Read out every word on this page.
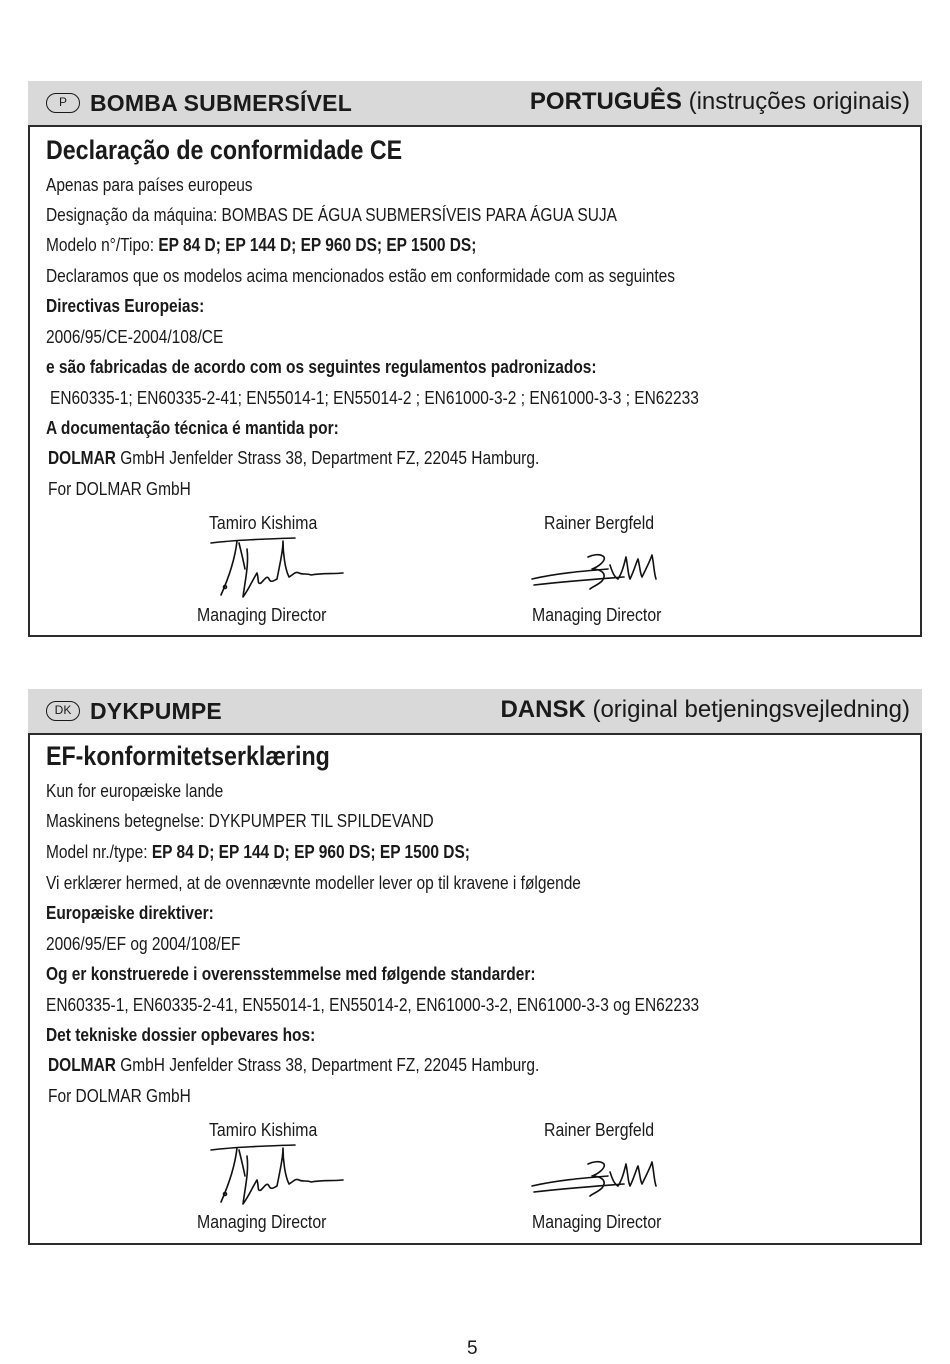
P	BOMBA SUBMERSÍVEL	PORTUGUÊS (instruções originais)
Declaração de conformidade CE
Apenas para países europeus
Designação da máquina: BOMBAS DE ÁGUA SUBMERSÍVEIS PARA ÁGUA SUJA
Modelo n°/Tipo: EP 84 D; EP 144 D; EP 960 DS; EP 1500 DS;
Declaramos que os modelos acima mencionados estão em conformidade com as seguintes
Directivas Europeias:
2006/95/CE-2004/108/CE
e são fabricadas de acordo com os seguintes regulamentos padronizados:
EN60335-1; EN60335-2-41; EN55014-1; EN55014-2 ; EN61000-3-2 ; EN61000-3-3 ; EN62233
A documentação técnica é mantida por:
DOLMAR GmbH Jenfelder Strass 38, Department FZ, 22045 Hamburg.
For DOLMAR GmbH
Tamiro Kishima	Rainer Bergfeld
Managing Director	Managing Director
DK DYKPUMPE	DANSK (original betjeningsvejledning)
EF-konformitetserklæring
Kun for europæiske lande
Maskinens betegnelse: DYKPUMPER TIL SPILDEVAND
Model nr./type: EP 84 D; EP 144 D; EP 960 DS; EP 1500 DS;
Vi erklærer hermed, at de ovennævnte modeller lever op til kravene i følgende
Europæiske direktiver:
2006/95/EF og 2004/108/EF
Og er konstruerede i overensstemmelse med følgende standarder:
EN60335-1, EN60335-2-41, EN55014-1, EN55014-2, EN61000-3-2, EN61000-3-3 og EN62233
Det tekniske dossier opbevares hos:
DOLMAR GmbH Jenfelder Strass 38, Department FZ, 22045 Hamburg.
For DOLMAR GmbH
Tamiro Kishima	Rainer Bergfeld
Managing Director	Managing Director
5
